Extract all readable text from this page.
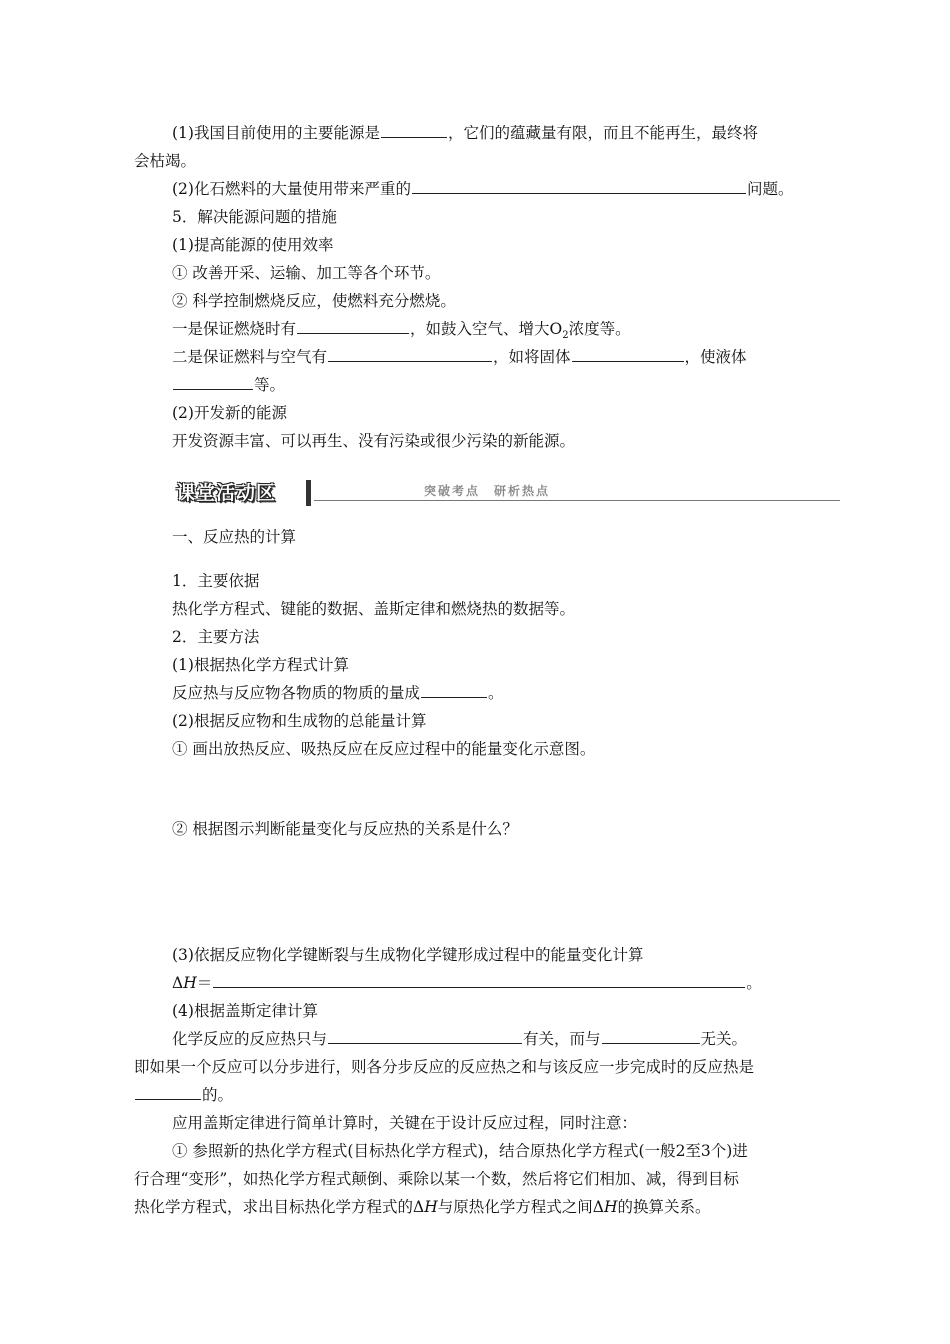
(1)我国目前使用的主要能源是	，它们的蕴藏量有限，而且不能再生，最终将
会枯竭。
(2)化石燃料的大量使用带来严重的	问题。
5．解决能源问题的措施
(1)提高能源的使用效率
① 改善开采、运输、加工等各个环节。
② 科学控制燃烧反应，使燃料充分燃烧。
一是保证燃烧时有	，如鼓入空气、增大$O_2$浓度等。
二是保证燃料与空气有	，如将固体	，使液体
等。
(2)开发新的能源
开发资源丰富、可以再生、没有污染或很少污染的新能源。
课堂活动区	突破考点　研析热点
一、反应热的计算
1．主要依据
热化学方程式、键能的数据、盖斯定律和燃烧热的数据等。
2．主要方法
(1)根据热化学方程式计算
反应热与反应物各物质的物质的量成	。
(2)根据反应物和生成物的总能量计算
① 画出放热反应、吸热反应在反应过程中的能量变化示意图。
② 根据图示判断能量变化与反应热的关系是什么？
(3)依据反应物化学键断裂与生成物化学键形成过程中的能量变化计算
ΔH＝	。
(4)根据盖斯定律计算
化学反应的反应热只与	有关，而与	无关。
即如果一个反应可以分步进行，则各分步反应的反应热之和与该反应一步完成时的反应热是
的。
应用盖斯定律进行简单计算时，关键在于设计反应过程，同时注意：
① 参照新的热化学方程式(目标热化学方程式)，结合原热化学方程式(一般2至3个)进
行合理“变形”，如热化学方程式颠倒、乘除以某一个数，然后将它们相加、减，得到目标
热化学方程式，求出目标热化学方程式的ΔH与原热化学方程式之间ΔH的换算关系。
